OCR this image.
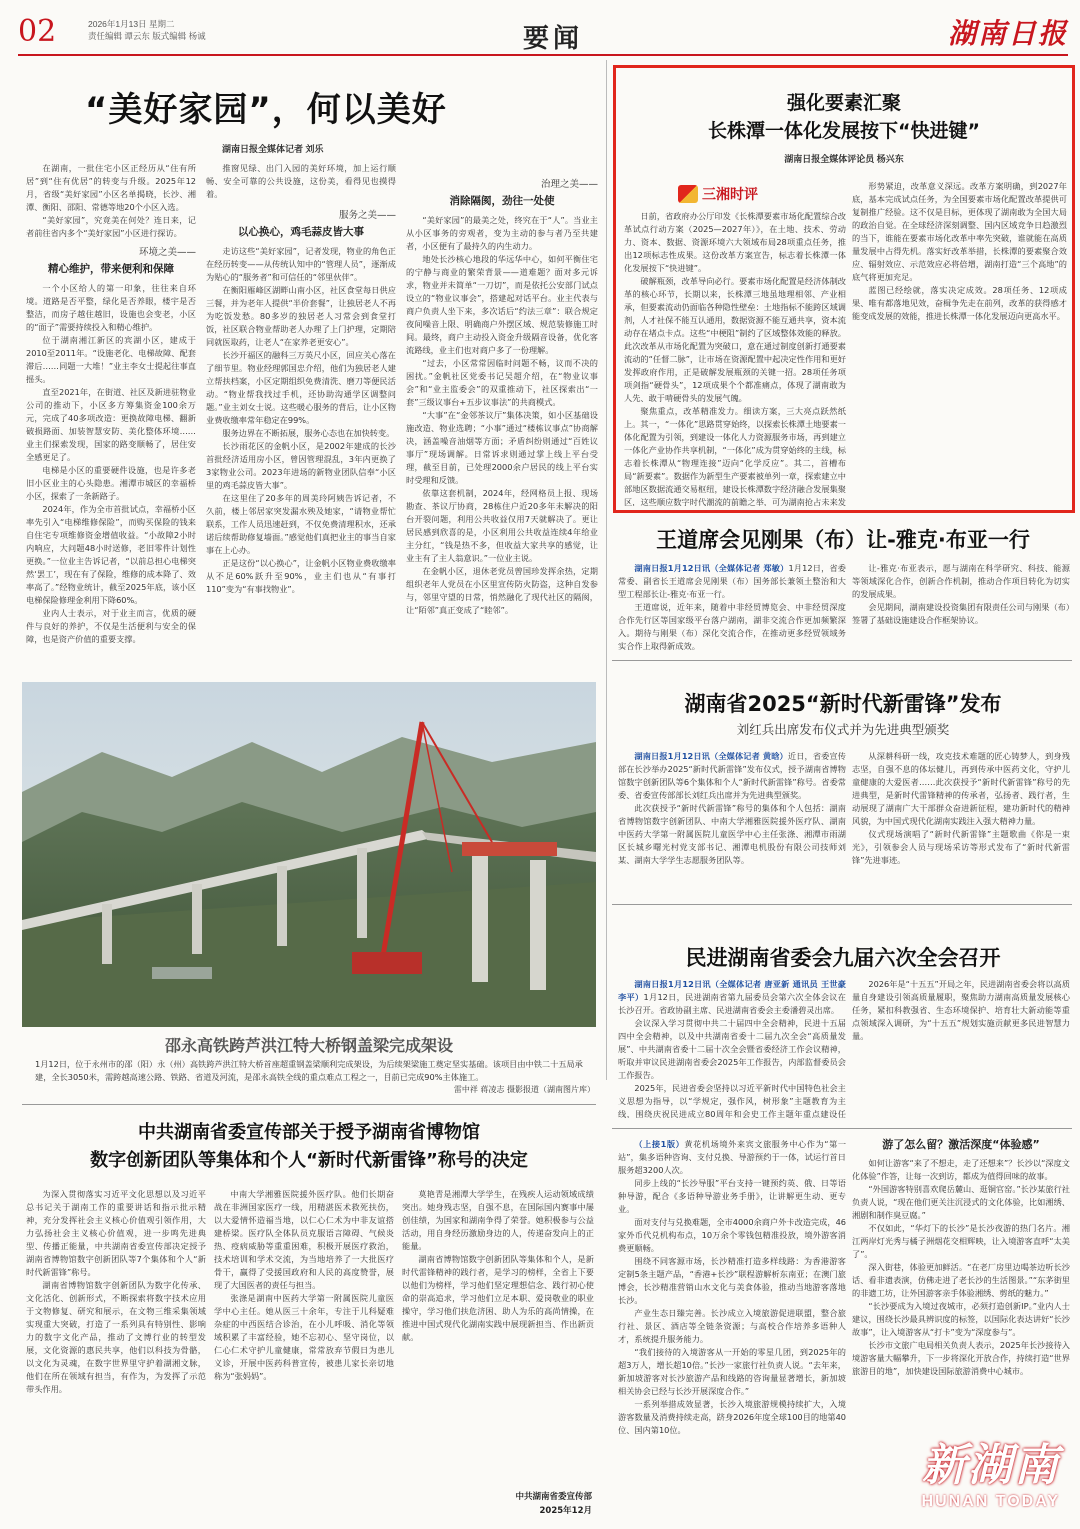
02	2026年1月13日 星期二
责任编辑 谭云东 版式编辑 杨诚	要闻	湖南日报
“美好家园”，何以美好
湖南日报全媒体记者 刘乐

在湖南，一批住宅小区正经历从“住有所居”到“住有优居”的转变与升级。2025年12月，省级“美好家园”小区名单揭晓，长沙、湘潭、衡阳、邵阳、常德等地20个小区入选。

“美好家园”，究竟美在何处？连日来，记者前往省内多个“美好家园”小区进行探访。

环境之美——
精心维护，带来便利和保障

一个小区给人的第一印象，往往来自环境。道路是否平整，绿化是否养眼，楼宇是否整洁，而房子越住越旧，设施也会变老，小区的“面子”需要持续投入和精心维护。

位于湖南湘江新区的宾湖小区，建成于2010至2011年。“设施老化、电梯故障、配套滞后……同题一大堆！”业主李女士提起往事直摇头。

直至2021年，在街道、社区及新进驻物业公司的推动下，小区多方筹集资金100余万元，完成了40多项改造：更换故障电梯、翻新破损路面、加装智慧安防、美化整体环境……业主们探索发现，国家的路变顺畅了，居住安全感更足了。

电梯是小区的重要硬件设施，也是许多老旧小区业主的心头隐患。湘潭市城区的幸福桥小区，探索了一条新路子。

2024年，作为全市首批试点，幸福桥小区率先引入“电梯维修保险”，而购买保险的钱来自住宅专项维修资金增值收益。“小故障2小时内响应，大问题48小时送修，老旧零件计划性更换。”一位业主告诉记者，“以前总担心电梯突然‘罢工’，现在有了保险，维修的成本降了、效率高了。”经物业统计，截至2025年底，该小区电梯保险修理金利用下降60%。

业内人士表示，对于业主而言，优质的硬件与良好的养护，不仅是生活便利与安全的保障，也是资产价值的重要支撑。

推窗见绿、出门入园的美好环境，加上运行顺畅、安全可靠的公共设施，这份美，看得见也摸得着。

服务之美——
以心换心，鸡毛蒜皮皆大事

走访这些“美好家园”，记者发现，物业的角色正在经历转变——从传统认知中的“管理人员”，逐渐成为贴心的“服务者”和可信任的“邻里伙伴”。

在衡阳雁峰区湖畔山南小区，社区食堂每日供应三餐，并为老年人提供“半价套餐”，让独居老人不再为吃饭发愁。80多岁的独居老人习常会到食堂打饭，社区联合物业帮助老人办理了上门护理，定期陪同就医取药，让老人“在家养老更安心”。

长沙开福区的融科三万英尺小区，回应关心落在了细节里。物业经理郭国忠介绍，他们为独居老人建立帮扶档案，小区定期组织免费清洗、磨刀等便民活动。“物业帮我找过手机，还协助沟通学区调整问题。”业主刘女士说。这些暖心服务的背后，让小区物业费收缴率常年稳定在99%。

服务边界在不断拓展，服务心态也在加快转变。

长沙雨花区的金帆小区，是2002年建成的长沙首批经济适用房小区，曾因管理混乱，3年内更换了3家物业公司。2023年进场的新物业团队信奉“小区里的鸡毛蒜皮皆大事”。

在这里住了20多年的周美玲阿姨告诉记者，不久前，楼上邻居家突发漏水殃及她家，“请物业帮忙联系，工作人员迅速赶到，不仅免费清理积水，还承诺后续帮助修复墙面。”感觉他们真把业主的事当自家事在上心办。

正是这份“以心换心”，让金帆小区物业费收缴率从不足60%跃升至90%，业主们也从“有事打110”变为“有事找物业”。

治理之美——
消除隔阂，劲往一处使

“美好家园”的最美之处，终究在于“人”。当业主从小区事务的旁观者，变为主动的参与者乃至共建者，小区便有了最持久的内生动力。

地处长沙核心地段的华远华中心，如何平衡住宅的宁静与商业的繁荣背景——道难题？面对多元诉求，物业并未简单“一刀切”，而是依托公安部门试点设立的“物业议事会”，搭建起对话平台。业主代表与商户负责人坐下来，多次话后“约法三章”：联合规定夜间噪音上限、明确商户外摆区域、规范装修施工时间。最终，商户主动投入资金升级隔音设备，优化客流路线，业主们也对商户多了一份理解。

“过去，小区常常因临时问题不畅，议而不决的困扰。”金帆社区党委书记吴超介绍，在“物业议事会”和“业主监委会”的双重推动下，社区探索出“一套”三级议事台+五步议事法”的共商模式。

“大事”在“金邻茶议厅”集体决策，如小区基础设施改造、物业选聘；“小事”通过“楼栋议事点”协商解决，涵盖噪音油烟等方面；矛盾纠纷则通过“百姓议事厅”现场调解。日常诉求则通过掌上线上平台受理，截至目前，已处理2000余户居民的线上平台实时受理和反馈。

依靠这套机制，2024年，经网格员上报、现场勘查、茶议厅协商，28栋住户近20多年未解决的阳台开裂问题，利用公共收益仅用7天就解决了。更让居民感到欣喜的是，小区利用公共收益连续4年给业主分红，“钱是热不多，但收益大家共享的感觉，让业主有了主人翁意识。”一位业主说。

在金帆小区，退休老党员曾国珍发挥余热，定期组织老年人党员在小区里宣传防火防盗，这种自发参与，邻里守望的日常，悄然融化了现代社区的隔阂，让“陌邻”真正变成了“睦邻”。

强化要素汇聚
长株潭一体化发展按下“快进键”
湖南日报全媒体评论员 杨兴东
三湘时评

日前，省政府办公厅印发《长株潭要素市场化配置综合改革试点行动方案（2025—2027年）》，在土地、技术、劳动力、资本、数据、资源环境六大领域布局28项重点任务，推出12项标志性成果。这份改革方案宣告，标志着长株潭一体化发展按下“快进键”。

破解瓶颈，改革导向必行。要素市场化配置是经济体制改革的核心环节，长期以来，长株潭三地虽地理相邻、产业相承，但要素流动仍面临各种隐性壁垒：土地指标不能跨区域调剂，人才社保不能互认通用，数据资源不能互通共享，资本流动存在堵点卡点。这些“中梗阻”制约了区域整体效能的释放。此次改革从市场化配置为突破口，意在通过制度创新打通要素流动的“任督二脉”，让市场在资源配置中起决定性作用和更好发挥政府作用，正是破解发展瓶颈的关键一招。28项任务项项剑指“硬骨头”，12项成果个个都准痛点，体现了湖南敢为人先、敢于啃硬骨头的发展气魄。

聚焦重点，改革精准发力。细读方案，三大亮点跃然纸上。其一，“一体化”思路贯穿始终，以探索长株潭土地要素一体化配置为引领，到建设一体化人力资源服务市场，再到建立一体化产业协作共享机制，“一体化”成为贯穿始终的主线，标志着长株潭从“物理连接”迈向“化学反应”。其二，首槽布局“新要素”。数据作为新型生产要素被单列一章，探索建立中部地区数据流通交易枢纽，建设长株潭数字经济融合发展集聚区，这些顺应数字时代潮流的前瞻之举，可为湖南抢占未来发

形势紧迫，改革意义深远。改革方案明确，到2027年底，基本完成试点任务，为全国要素市场化配置改革提供可复制推广经验。这不仅是目标，更体现了湖南敢为全国大局的政治自觉。在全球经济深刻调整、国内区域竞争日趋激烈的当下，谁能在要素市场化改革中率先突破，谁就能在高质量发展中占得先机。落实好改革举措，长株潭的要素聚合效应、辐射效应、示范效应必将倍增，湖南打造“三个高地”的底气将更加充足。

蓝图已经绘就，落实决定成效。28项任务、12项成果、唯有都落地见效，奋楫争先走在前列，改革的获得感才能变成发展的效能，推进长株潭一体化发展迈向更高水平。

王道席会见刚果（布）让-雅克·布亚一行

湖南日报1月12日讯（全媒体记者 郑敏）1月12日，省委常委、副省长王道席会见刚果（布）国务部长兼领土整治和大型工程部长让-雅克·布亚一行。

王道席说，近年来，随着中非经贸博览会、中非经贸深度合作先行区等国家级平台落户湖南，湖非交流合作更加频繁深入。期待与刚果（布）深化交流合作，在推动更多经贸领域务实合作上取得新成效。

让-雅克·布亚表示，愿与湖南在科学研究、科技、能源等领域深化合作，创新合作机制，推动合作项目转化为切实的发展成果。

会见期间，湖南建设投资集团有限责任公司与刚果（布）签署了基础设施建设合作框架协议。

湖南省2025“新时代新雷锋”发布
刘红兵出席发布仪式并为先进典型颁奖

湖南日报1月12日讯（全媒体记者 黄晗）近日，省委宣传部在长沙举办2025“新时代新雷锋”发布仪式，授予湖南省博物馆数字创新团队等6个集体和个人“新时代新雷锋”称号。省委常委、省委宣传部部长刘红兵出席并为先进典型颁奖。

此次获授予“新时代新雷锋”称号的集体和个人包括：湖南省博物馆数字创新团队、中南大学湘雅医院援外医疗队、湖南中医药大学第一附属医院儿童医学中心主任张涤、湘潭市雨湖区长城乡曙光村党支部书记、湘潭电机股份有限公司技师刘某、湖南大学学生志愿服务团队等。

从深耕科研一线，攻克技术难题的匠心铸梦人，到身残志坚，自强不息的体坛健儿，再到传承中医药文化，守护儿童健康的大爱医者……此次获授予“新时代新雷锋”称号的先进典型，是新时代雷锋精神的传承者，弘扬者、践行者，生动展现了湖南广大干部群众奋进新征程，建功新时代的精神风貌，为中国式现代化湖南实践注入强大精神力量。

仪式现场演唱了“新时代新雷锋”主题歌曲《你是一束光》，引领参会人员与现场采访等形式发布了“新时代新雷锋”先进事迹。

民进湖南省委会九届六次全会召开

湖南日报1月12日讯（全媒体记者 唐亚新 通讯员 王世豪 李平）1月12日，民进湖南省第九届委员会第六次全体会议在长沙召开。省政协副主席、民进湖南省委会主委潘碧灵出席。

会议深入学习贯彻中共二十届四中全会精神，民进十五届四中全会精神，以及中共湖南省委十二届九次全会“高质量发展”、中共湖南省委十二届十次全会暨省委经济工作会议精神，听取并审议民进湖南省委会2025年工作报告，内部监督委员会工作报告。

2025年，民进省委会坚持以习近平新时代中国特色社会主义思想为指导，以“学规定，强作风，树形象”主题教育为主线，围绕庆祝民进成立80周年和会史工作主题年重点建设任

2026年是“十五五”开局之年，民进湖南省委会将以高质量自身建设引领高质量履职，聚焦助力湖南高质量发展核心任务，紧扣科教强省、生态环境保护、培育壮大新动能等重点领域深入调研，为“十五五”规划实施贡献更多民进智慧力量。

邵永高铁跨芦洪江特大桥钢盖梁完成架设
1月12日，位于永州市的邵（阳）永（州）高铁跨芦洪江特大桥首座超重钢盖梁顺利完成架设，为后续架梁施工奠定坚实基础。该项目由中铁二十五局承建，全长3050米，需跨越高速公路、铁路、省道及河流，是邵永高铁全线的重点难点工程之一，目前已完成90%主体施工。
雷中祥 蒋凌志 摄影报道（湖南图片库）
中共湖南省委宣传部关于授予湖南省博物馆
数字创新团队等集体和个人“新时代新雷锋”称号的决定

为深入贯彻落实习近平文化思想以及习近平总书记关于湖南工作的重要讲话和指示批示精神，充分发挥社会主义核心价值观引领作用，大力弘扬社会主义核心价值观，进一步鸣先进典型、传播正能量，中共湖南省委宣传部决定授予湖南省博物馆数字创新团队等7个集体和个人“新时代新雷锋”称号。

湖南省博物馆数字创新团队为数字化传承、文化活化、创新形式，不断探索将数字技术应用于文物修复、研究和展示，在文物三维采集领域实现重大突破，打造了一系列具有特别性、影响力的数字文化产品，推动了文博行业的转型发展，文化资源的惠民共享，他们以科技为骨骼，以文化为灵魂，在数字世界里守护着湖湘文脉，他们在所在领域有担当，有作为，为发挥了示范带头作用。

中南大学湘雅医院援外医疗队。他们长期奋战在非洲国家医疗一线，用精湛医术救死扶伤，以大爱情怀造福当地，以仁心仁术为中非友谊搭建桥梁。医疗队全体队员克服语言障碍、气候炎热、疫病威胁等重重困难，积极开展医疗救治，技术培训和学术交流，为当地培养了一大批医疗骨干，赢得了受援国政府和人民的高度赞誉，展现了大国医者的责任与担当。

张涤是湖南中医药大学第一附属医院儿童医学中心主任。她从医三十余年，专注于儿科疑难杂症的中西医结合诊治，在小儿呼吸、消化等领域积累了丰富经验，她不忘初心、坚守岗位，以仁心仁术守护儿童健康，常常放弃节假日为患儿义诊，开展中医药科普宣传，被患儿家长亲切地称为“张妈妈”。

莫艳青是湘潭大学学生，在残疾人运动领域成绩突出。她身残志坚，自强不息，在国际国内赛事中屡创佳绩，为国家和湖南争得了荣誉。她积极参与公益活动，用自身经历激励身边的人，传递奋发向上的正能量。

湖南省博物馆数字创新团队等集体和个人，是新时代雷锋精神的践行者，是学习的榜样，全省上下要以他们为榜样，学习他们坚定理想信念、践行初心使命的崇高追求，学习他们立足本职、爱岗敬业的职业操守，学习他们扶危济困、助人为乐的高尚情操，在推进中国式现代化湖南实践中展现新担当、作出新贡献。

中共湖南省委宣传部
2025年12月

（上接1版）黄花机场境外来宾文旅服务中心作为“第一站”，集多语种咨询、支付兑换、导游预约于一体，试运行首日服务超3200人次。

同步上线的“长沙导服”平台支持一键预约英、俄、日等语种导游，配合《多语种导游业务手册》，让讲解更生动、更专业。

面对支付与兑换难题，全市4000余商户外卡改造完成，46家外币代兑机构布点，10万余个零钱包精准投放，境外游客消费更顺畅。

围绕不同客源市场，长沙精准打造多样线路：为香港游客定制5条主题产品，“香港+长沙”联程游解析东南亚；在澳门旅博会，长沙精准营销山水文化与美食体验，推动当地游客落地长沙。

产业生态日臻完善。长沙成立入境旅游促进联盟，整合旅行社、景区、酒店等全链条资源；与高校合作培养多语种人才，系统提升服务能力。

“我们接待的入境游客从一开始的零星几团，到2025年的超3万人，增长超10倍。”长沙一家旅行社负责人说。“去年来，新加坡游客对长沙旅游产品和线路的咨询量显著增长，新加坡相关协会已经与长沙开展深度合作。”

一系列举措成效显著，长沙入境旅游规模持续扩大，入境游客数量及消费持续走高，跻身2026年度全球100目的地第40位、国内第10位。

游了怎么留？激活深度“体验感”

如何让游客“来了不想走，走了还想来”？长沙以“深度文化体验”作答，让每一次到访，都成为值得回味的故事。

“外国游客特别喜欢爬岳麓山、逛铜官窑。”长沙某旅行社负责人说，“现在他们更关注沉浸式的文化体验，比如湘绣、湘剧和制作臭豆腐。”

不仅如此，“华灯下的长沙”是长沙夜游的热门名片。湘江两岸灯光秀与橘子洲烟花交相辉映，让入境游客直呼“太美了”。

深入街巷，体验更加鲜活。“在老厂房里边喝茶边听长沙话、看非遗表演，仿佛走进了老长沙的生活图景。”“东茅街里的非遗工坊，让外国游客亲手体验湘绣、剪纸的魅力。”

“长沙要成为入境过夜城市，必须打造创新IP。”业内人士建议，围绕长沙最具辨识度的标签，以国际化表达讲好“长沙故事”，让入境游客从“打卡”变为“深度参与”。

长沙市文旅广电局相关负责人表示，2025年长沙接待入境游客量大幅攀升，下一步将深化开放合作，持续打造“世界旅游目的地”，加快建设国际旅游消费中心城市。

新湖南
HUNAN TODAY
